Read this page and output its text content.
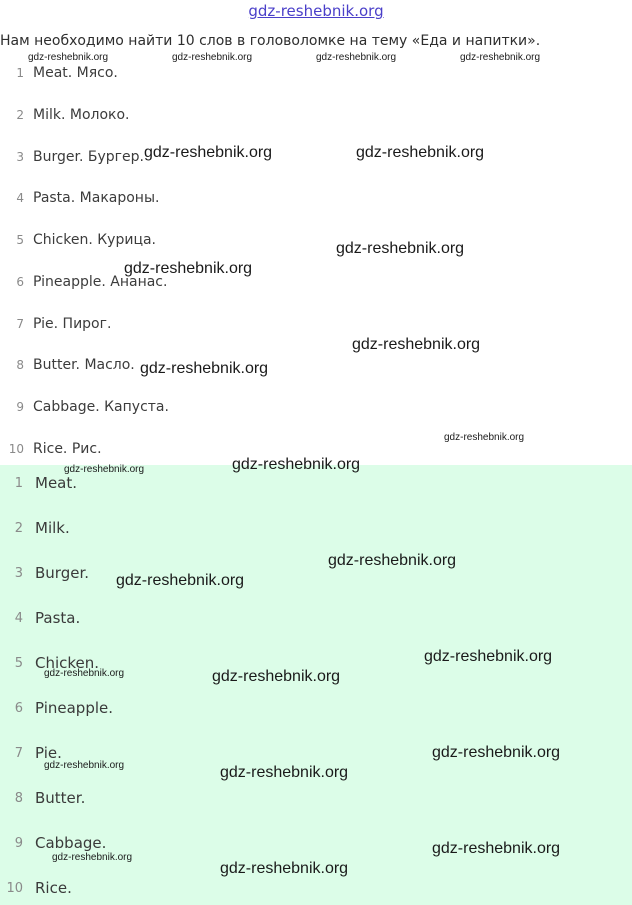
gdz-reshebnik.org
Нам необходимо найти 10 слов в головоломке на тему «Еда и напитки».
1 Meat. Мясо.
2 Milk. Молоко.
3 Burger. Бургер.
4 Pasta. Макароны.
5 Chicken. Курица.
6 Pineapple. Ананас.
7 Pie. Пирог.
8 Butter. Масло.
9 Cabbage. Капуста.
10 Rice. Рис.
1 Meat.
2 Milk.
3 Burger.
4 Pasta.
5 Chicken.
6 Pineapple.
7 Pie.
8 Butter.
9 Cabbage.
10 Rice.
gdz-reshebnik.org	gdz-reshebnik.org	gdz-reshebnik.org	gdz-reshebnik.org
gdz-reshebnik.org	gdz-reshebnik.org
gdz-reshebnik.org
gdz-reshebnik.org
gdz-reshebnik.org
gdz-reshebnik.org
gdz-reshebnik.org
gdz-reshebnik.org
gdz-reshebnik.org
gdz-reshebnik.org
gdz-reshebnik.org
gdz-reshebnik.org
gdz-reshebnik.org	gdz-reshebnik.org
gdz-reshebnik.org
gdz-reshebnik.org	gdz-reshebnik.org
gdz-reshebnik.org
gdz-reshebnik.org
gdz-reshebnik.org
